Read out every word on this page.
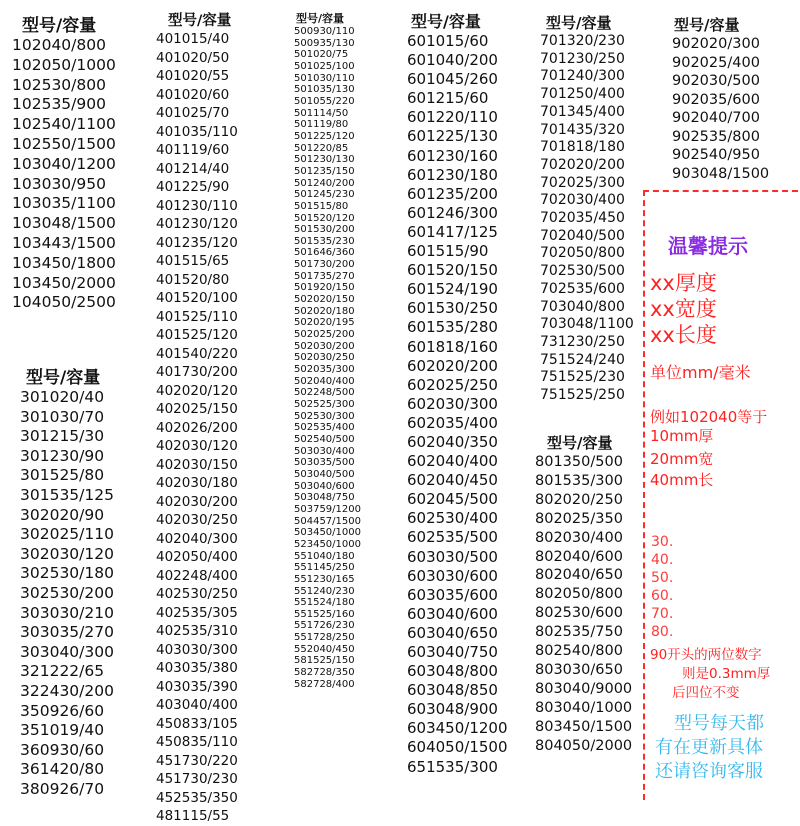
型号/容量
102040/800
102050/1000
102530/800
102535/900
102540/1100
102550/1500
103040/1200
103030/950
103035/1100
103048/1500
103443/1500
103450/1800
103450/2000
104050/2500
型号/容量
301020/40
301030/70
301215/30
301230/90
301525/80
301535/125
302020/90
302025/110
302030/120
302530/180
302530/200
303030/210
303035/270
303040/300
321222/65
322430/200
350926/60
351019/40
360930/60
361420/80
380926/70
型号/容量
401015/40
401020/50
401020/55
401020/60
401025/70
401035/110
401119/60
401214/40
401225/90
401230/110
401230/120
401235/120
401515/65
401520/80
401520/100
401525/110
401525/120
401540/220
401730/200
402020/120
402025/150
402026/200
402030/120
402030/150
402030/180
402030/200
402030/250
402040/300
402050/400
402248/400
402530/250
402535/305
402535/310
403030/300
403035/380
403035/390
403040/400
450833/105
450835/110
451730/220
451730/230
452535/350
481115/55
型号/容量
500930/110
500935/130
501020/75
501025/100
501030/110
501035/130
501055/220
501114/50
501119/80
501225/120
501220/85
501230/130
501235/150
501240/200
501245/230
501515/80
501520/120
501530/200
501535/230
501646/360
501730/200
501735/270
501920/150
502020/150
502020/180
502020/195
502025/200
502030/200
502030/250
502035/300
502040/400
502248/500
502525/300
502530/300
502535/400
502540/500
503030/400
503035/500
503040/500
503040/600
503048/750
503759/1200
504457/1500
503450/1000
523450/1000
551040/180
551145/250
551230/165
551240/230
551524/180
551525/160
551726/230
551728/250
552040/450
581525/150
582728/350
582728/400
型号/容量
601015/60
601040/200
601045/260
601215/60
601220/110
601225/130
601230/160
601230/180
601235/200
601246/300
601417/125
601515/90
601520/150
601524/190
601530/250
601535/280
601818/160
602020/200
602025/250
602030/300
602035/400
602040/350
602040/400
602040/450
602045/500
602530/400
602535/500
603030/500
603030/600
603035/600
603040/600
603040/650
603040/750
603048/800
603048/850
603048/900
603450/1200
604050/1500
651535/300
型号/容量
701320/230
701230/250
701240/300
701250/400
701345/400
701435/320
701818/180
702020/200
702025/300
702030/400
702035/450
702040/500
702050/800
702530/500
702535/600
703040/800
703048/1100
731230/250
751524/240
751525/230
751525/250
型号/容量
801350/500
801535/300
802020/250
802025/350
802030/400
802040/600
802040/650
802050/800
802530/600
802535/750
802540/800
803030/650
803040/9000
803040/1000
803450/1500
804050/2000
型号/容量
902020/300
902025/400
902030/500
902035/600
902040/700
902535/800
902540/950
903048/1500
温馨提示
xx厚度
xx宽度
xx长度
单位mm/毫米
例如102040等于
10mm厚
20mm宽
40mm长
30.
40.
50.
60.
70.
80.
90开头的两位数字
则是0.3mm厚
后四位不变
型号每天都
有在更新具体
还请咨询客服
